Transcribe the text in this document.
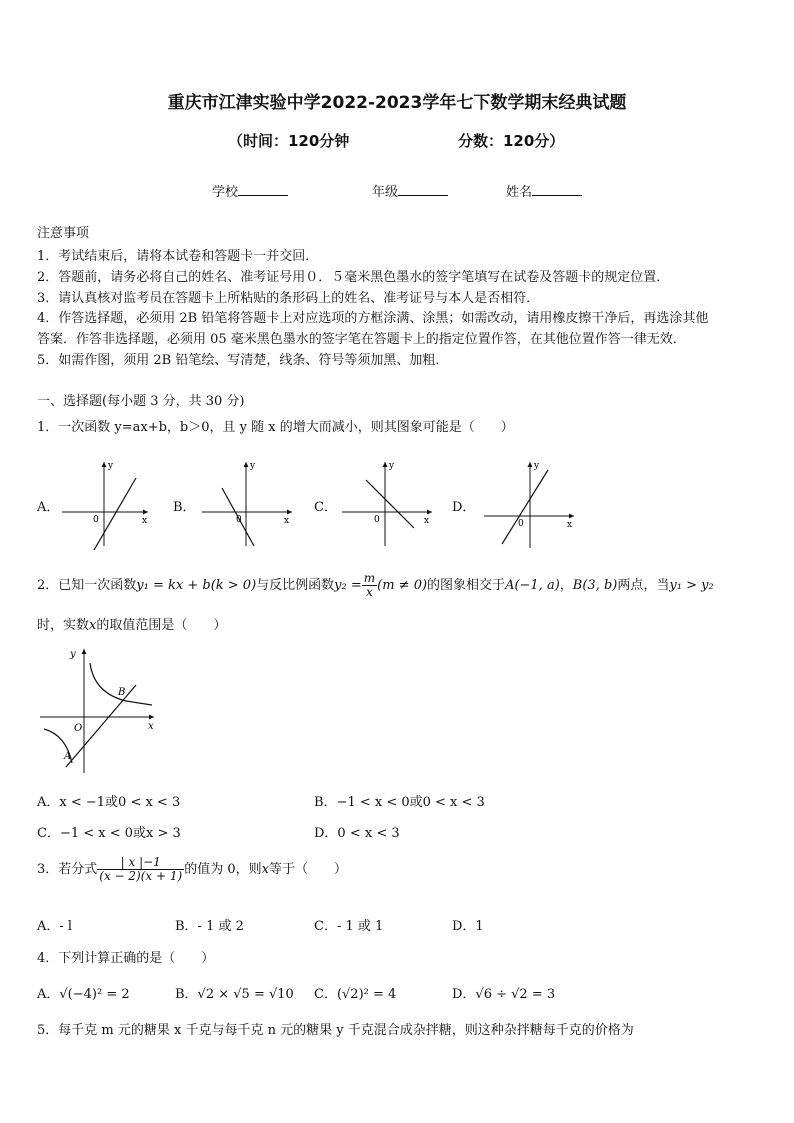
重庆市江津实验中学2022-2023学年七下数学期末经典试题
（时间：120分钟	分数：120分）
学校	年级	姓名
注意事项
1．考试结束后，请将本试卷和答题卡一并交回．
2．答题前，请务必将自己的姓名、准考证号用０．５毫米黑色墨水的签字笔填写在试卷及答题卡的规定位置．
3．请认真核对监考员在答题卡上所粘贴的条形码上的姓名、准考证号与本人是否相符．
4．作答选择题，必须用 2B 铅笔将答题卡上对应选项的方框涂满、涂黑；如需改动，请用橡皮擦干净后，再选涂其他
答案．作答非选择题，必须用 05 毫米黑色墨水的签字笔在答题卡上的指定位置作答，在其他位置作答一律无效．
5．如需作图，须用 2B 铅笔绘、写清楚，线条、符号等须加黑、加粗．
一、选择题(每小题 3 分，共 30 分)
1．一次函数 y=ax+b，b＞0，且 y 随 x 的增大而减小，则其图象可能是（　　）
A．
y
x
0
B．
y
x
0
C．
y
x
0
D．
y
x
0
2．已知一次函数y₁ = kx + b(k > 0)与反比例函数$y_2 = \frac{m}{x} (m \ne 0)$的图象相交于A(−1, a)，B(3, b)两点，当y₁ > y₂
时，实数x的取值范围是（　　）
y
x
O
A
B
A．x < −1或0 < x < 3	B．−1 < x < 0或0 < x < 3
C．−1 < x < 0或x > 3	D．0 < x < 3
3．若分式 $\frac{| x |-1}{(x - 2)(x + 1)}$ 的值为 0，则x等于（　　）
A．- l	B．- 1 或 2	C．- 1 或 1	D．1
4．下列计算正确的是（　　）
A．√(−4)² = 2	B．√2 × √5 = √10 C．(√2)² = 4	D．√6 ÷ √2 = 3
5．每千克 m 元的糖果 x 千克与每千克 n 元的糖果 y 千克混合成杂拌糖，则这种杂拌糖每千克的价格为
